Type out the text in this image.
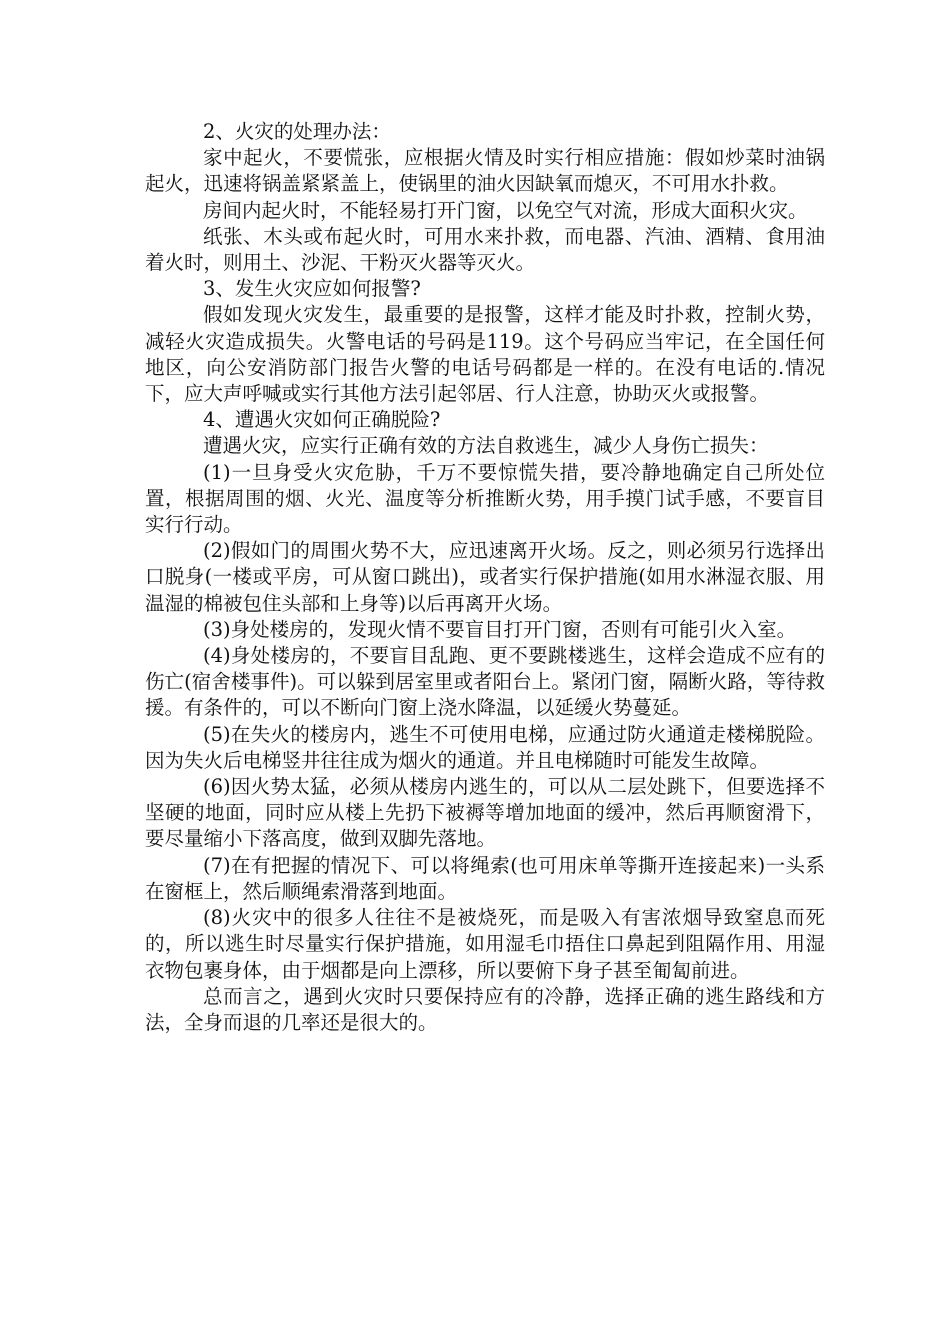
2、火灾的处理办法：

家中起火，不要慌张，应根据火情及时实行相应措施：假如炒菜时油锅起火，迅速将锅盖紧紧盖上，使锅里的油火因缺氧而熄灭，不可用水扑救。

房间内起火时，不能轻易打开门窗，以免空气对流，形成大面积火灾。

纸张、木头或布起火时，可用水来扑救，而电器、汽油、酒精、食用油着火时，则用土、沙泥、干粉灭火器等灭火。

3、发生火灾应如何报警?

假如发现火灾发生，最重要的是报警，这样才能及时扑救，控制火势，减轻火灾造成损失。火警电话的号码是119。这个号码应当牢记，在全国任何地区，向公安消防部门报告火警的电话号码都是一样的。在没有电话的.情况下，应大声呼喊或实行其他方法引起邻居、行人注意，协助灭火或报警。

4、遭遇火灾如何正确脱险?

遭遇火灾，应实行正确有效的方法自救逃生，减少人身伤亡损失：

(1)一旦身受火灾危胁，千万不要惊慌失措，要冷静地确定自己所处位置，根据周围的烟、火光、温度等分析推断火势，用手摸门试手感，不要盲目实行行动。

(2)假如门的周围火势不大，应迅速离开火场。反之，则必须另行选择出口脱身(一楼或平房，可从窗口跳出)，或者实行保护措施(如用水淋湿衣服、用温湿的棉被包住头部和上身等)以后再离开火场。

(3)身处楼房的，发现火情不要盲目打开门窗，否则有可能引火入室。

(4)身处楼房的，不要盲目乱跑、更不要跳楼逃生，这样会造成不应有的伤亡(宿舍楼事件)。可以躲到居室里或者阳台上。紧闭门窗，隔断火路，等待救援。有条件的，可以不断向门窗上浇水降温，以延缓火势蔓延。

(5)在失火的楼房内，逃生不可使用电梯，应通过防火通道走楼梯脱险。因为失火后电梯竖井往往成为烟火的通道。并且电梯随时可能发生故障。

(6)因火势太猛，必须从楼房内逃生的，可以从二层处跳下，但要选择不坚硬的地面，同时应从楼上先扔下被褥等增加地面的缓冲，然后再顺窗滑下，要尽量缩小下落高度，做到双脚先落地。

(7)在有把握的情况下、可以将绳索(也可用床单等撕开连接起来)一头系在窗框上，然后顺绳索滑落到地面。

(8)火灾中的很多人往往不是被烧死，而是吸入有害浓烟导致窒息而死的，所以逃生时尽量实行保护措施，如用湿毛巾捂住口鼻起到阻隔作用、用湿衣物包裹身体，由于烟都是向上漂移，所以要俯下身子甚至匍匐前进。

总而言之，遇到火灾时只要保持应有的冷静，选择正确的逃生路线和方法，全身而退的几率还是很大的。
